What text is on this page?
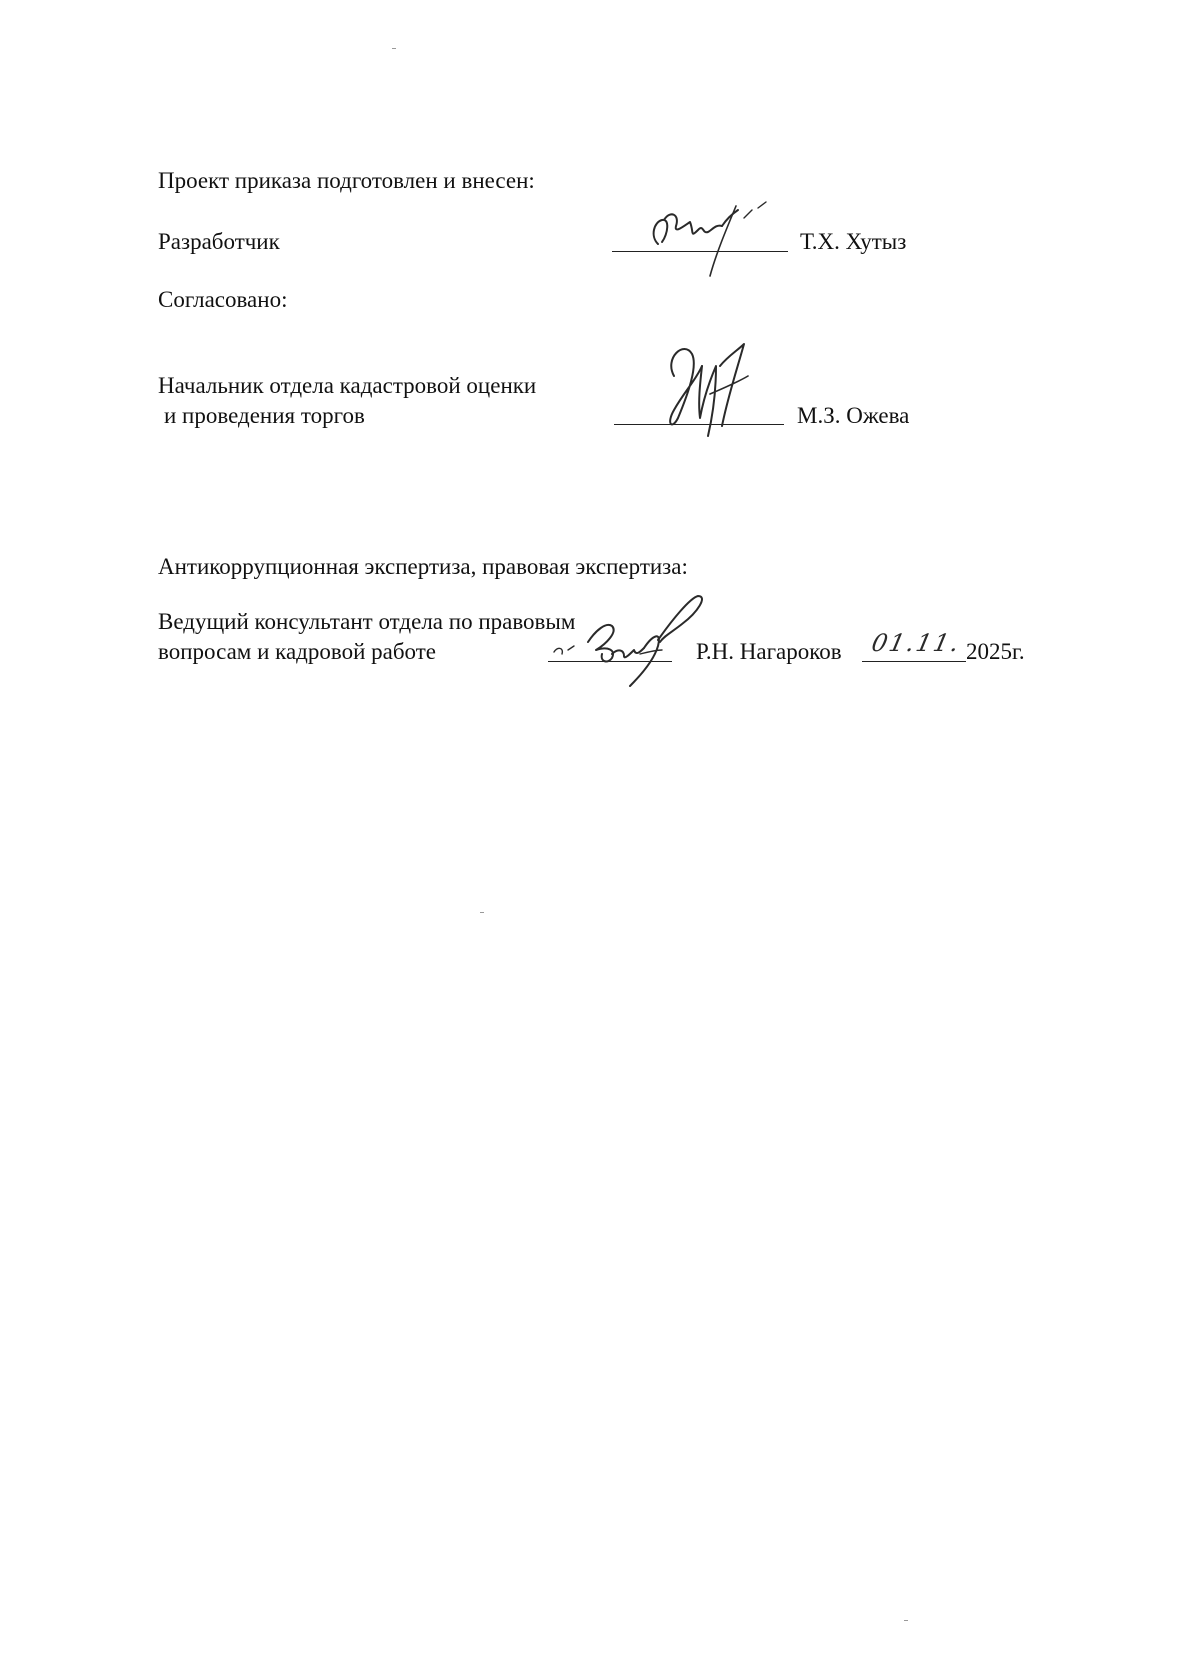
Проект приказа подготовлен и внесен:
Разработчик	Т.Х. Хутыз
Согласовано:
Начальник отдела кадастровой оценки
и проведения торгов	М.З. Ожева
Антикоррупционная экспертиза, правовая экспертиза:
Ведущий консультант отдела по правовым
вопросам и кадровой работе	Р.Н. Нагароков 01.11. 2025г.
